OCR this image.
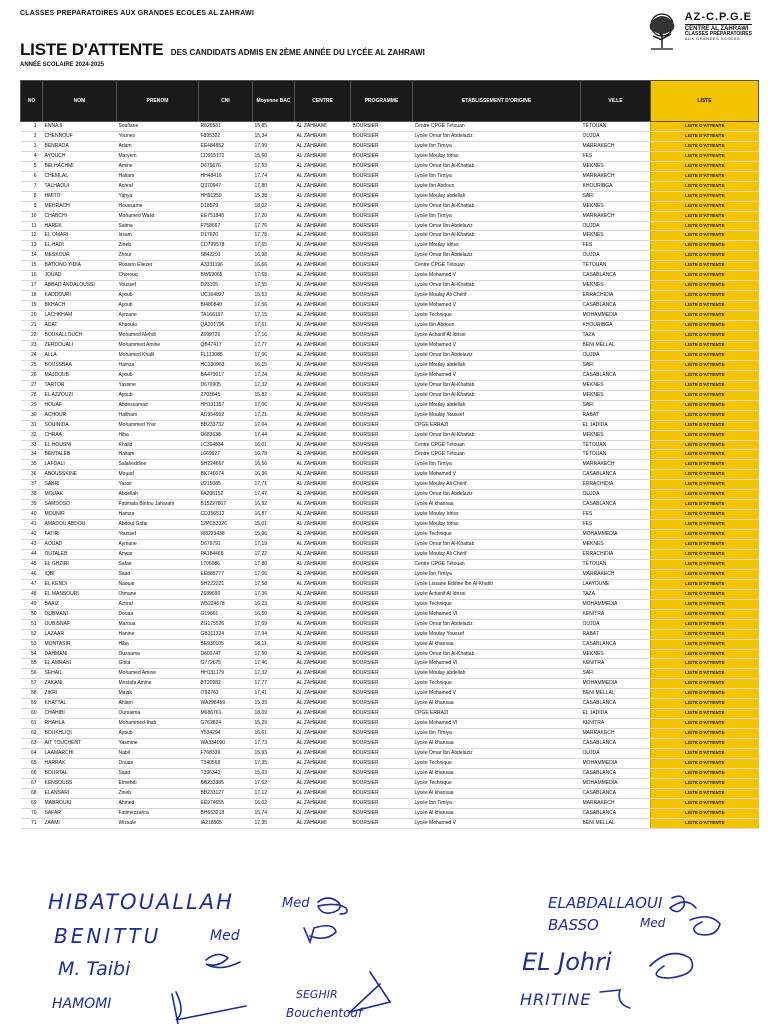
CLASSES PREPARATOIRES AUX GRANDES ECOLES AL ZAHRAWI
LISTE D'ATTENTE DES CANDIDATS ADMIS EN 2ÈME ANNÉE DU LYCÉE AL ZAHRAWI
ANNÉE SCOLAIRE 2024-2025
AZ-C.P.G.E
CENTRE AL ZAHRAWI
CLASSES PRÉPARATOIRES
AUX GRANDES ECOLES
NO	NOM	PRENOM	CNI	Moyenne BAC	CENTRE	PROGRAMME	ETABLISSEMENT D'ORIGINE	VILLE	LISTE
1	ENNAJI	Soufiane	R826581	15,85	AL ZAHRAWI	BOURSIER	Centre CPGE Tétouan	TÉTOUAN	LISTE D'ATTENTE
2	CHENNOUF	Younes	F895322	15,34	AL ZAHRAWI	BOURSIER	Lycée Omar Ibn Abdelaziz	OUJDA	LISTE D'ATTENTE
3	BENRADA	Adam	EE484852	17,99	AL ZAHRAWI	BOURSIER	Lycée Ibn Timiya	MARRAKECH	LISTE D'ATTENTE
4	AYOUCH	Maryem	CD915172	15,60	AL ZAHRAWI	BOURSIER	Lycée Moulay Idriss	FES	LISTE D'ATTENTE
5	BELHACHMI	Amine	D679676	17,53	AL ZAHRAWI	BOURSIER	Lycée Omar Ibn Al-Khattab	MEKNES	LISTE D'ATTENTE
6	CHEMLAL	Haitam	HH48416	17,74	AL ZAHRAWI	BOURSIER	Lycée Ibn Timiya	MARRAKECH	LISTE D'ATTENTE
7	TALHAOUI	Achraf	Q370947	17,80	AL ZAHRAWI	BOURSIER	Lycée Ibn Abdoun	KHOURIBGA	LISTE D'ATTENTE
8	HMITO	Yahya	HH91259	15,38	AL ZAHRAWI	BOURSIER	Lycée Moulay abdellah	SAFI	LISTE D'ATTENTE
9	MEHRACH	Houssame	D18579	18,02	AL ZAHRAWI	BOURSIER	Lycée Omar Ibn Al-Khattab	MEKNES	LISTE D'ATTENTE
10	CHABCHI	Mohamed Walid	EE751848	17,20	AL ZAHRAWI	BOURSIER	Lycée Ibn Timiya	MARRAKECH	LISTE D'ATTENTE
11	HAREK	Salma	F758667	17,76	AL ZAHRAWI	BOURSIER	Lycée Omar Ibn Abdelaziz	OUJDA	LISTE D'ATTENTE
12	EL OMARI	Issam	D17620	17,78	AL ZAHRAWI	BOURSIER	Lycée Omar Ibn Al-Khattab	MEKNES	LISTE D'ATTENTE
13	EL HADI	Zineb	CD799578	17,65	AL ZAHRAWI	BOURSIER	Lycée Moulay Idriss	FES	LISTE D'ATTENTE
14	MESKOUR	Zhour	S842291	16,98	AL ZAHRAWI	BOURSIER	Lycée Omar Ibn Abdelaziz	OUJDA	LISTE D'ATTENTE
15	BATIONO YIDIA	Rosario Eliezer	A3331196	16,66	AL ZAHRAWI	BOURSIER	Centre CPGE Tétouan	TÉTOUAN	LISTE D'ATTENTE
16	JOUAD	Chorouq	BW59065	17,68	AL ZAHRAWI	BOURSIER	Lycée Mohamed V	CASABLANCA	LISTE D'ATTENTE
17	ABBAD ANDALOUSSI	Youssef	D23105	17,55	AL ZAHRAWI	BOURSIER	Lycée Omar Ibn Al-Khattab	MEKNES	LISTE D'ATTENTE
18	KADDOURI	Ayoub	UC164827	15,53	AL ZAHRAWI	BOURSIER	Lycée Moulay Ali Chérif	ERRACHIDIA	LISTE D'ATTENTE
19	BKHACH	Ayoub	BI480840	17,56	AL ZAHRAWI	BOURSIER	Lycée Mohamed V	CASABLANCA	LISTE D'ATTENTE
20	LACHKHAM	Aymane	TA166197	17,15	AL ZAHRAWI	BOURSIER	Lycée Technique	MOHAMMEDIA	LISTE D'ATTENTE
21	ADAT	Khaoula	QA201796	17,61	AL ZAHRAWI	BOURSIER	Lycée Ibn Abdoun	KHOURIBGA	LISTE D'ATTENTE
22	BOUKALLOUCH	Mohamed Mehdi	Z699726	17,16	AL ZAHRAWI	BOURSIER	Lycée Achariif Al Idrissi	TAZA	LISTE D'ATTENTE
23	ZERDOUALI	Mohammed Amine	QB47417	17,77	AL ZAHRAWI	BOURSIER	Lycée Mohamed V	BENI MELLAL	LISTE D'ATTENTE
24	ALLA	Mohamed Khalil	FL113085	17,06	AL ZAHRAWI	BOURSIER	Lycée Omar Ibn Abdelaziz	OUJDA	LISTE D'ATTENTE
25	BOUSSBAA	Hamza	HC330963	16,15	AL ZAHRAWI	BOURSIER	Lycée Moulay abdellah	SAFI	LISTE D'ATTENTE
26	MAJDOUB	Ayoub	BA479017	17,24	AL ZAHRAWI	BOURSIER	Lycée Mohamed V	CASABLANCA	LISTE D'ATTENTE
27	TARTOR	Yassine	D679905	17,32	AL ZAHRAWI	BOURSIER	Lycée Omar Ibn Al-Khattab	MEKNES	LISTE D'ATTENTE
28	EL AZZOUZI	Ayoub	Z703645	15,82	AL ZAHRAWI	BOURSIER	Lycée Omar Ibn Al-Khattab	MEKNES	LISTE D'ATTENTE
29	HOUAF	Abdessamad	HH131157	17,06	AL ZAHRAWI	BOURSIER	Lycée Moulay abdellah	SAFI	LISTE D'ATTENTE
30	ACHOUR	Haitham	AD354992	17,21	AL ZAHRAWI	BOURSIER	Lycée Moulay Youssef	RABAT	LISTE D'ATTENTE
31	SOUINIDA	Mohammed Yosr	BB233732	17,04	AL ZAHRAWI	BOURSIER	CPGE ERRAZI	EL JADIDA	LISTE D'ATTENTE
32	CHRAA	Hiba	D683638	17,44	AL ZAHRAWI	BOURSIER	Lycée Omar Ibn Al-Khattab	MEKNES	LISTE D'ATTENTE
33	EL HOUSNI	Khalid	LC394834	16,01	AL ZAHRAWI	BOURSIER	Centre CPGE Tétouan	TÉTOUAN	LISTE D'ATTENTE
34	BENTALEB	Haitam	L669927	16,78	AL ZAHRAWI	BOURSIER	Centre CPGE Tétouan	TÉTOUAN	LISTE D'ATTENTE
35	LAFDALI	Salaheddine	SH224667	16,56	AL ZAHRAWI	BOURSIER	Lycée Ibn Timiya	MARRAKECH	LISTE D'ATTENTE
36	ABOUSSKINE	Mouad	BK746074	16,36	AL ZAHRAWI	BOURSIER	Lycée Mohamed V	CASABLANCA	LISTE D'ATTENTE
37	SABRI	Yassir	U215085	17,71	AL ZAHRAWI	BOURSIER	Lycée Moulay Ali Chérif	ERRACHIDIA	LISTE D'ATTENTE
38	MOUAK	Abdellah	FA208152	17,47	AL ZAHRAWI	BOURSIER	Lycée Omar Ibn Abdelaziz	OUJDA	LISTE D'ATTENTE
39	SAMDOSO	Fatimata Bintou Jaharahi	B15227807	16,92	AL ZAHRAWI	BOURSIER	Lycée Al khansaa	CASABLANCA	LISTE D'ATTENTE
40	MOUNIR	Hamza	CD356512	16,87	AL ZAHRAWI	BOURSIER	Lycée Moulay Idriss	FES	LISTE D'ATTENTE
41	AMADOU ABDOU	Abdoul Gafar	12PC53326	15,01	AL ZAHRAWI	BOURSIER	Lycée Moulay Idriss	FES	LISTE D'ATTENTE
42	FATIRI	Youssef	W8223438	15,96	AL ZAHRAWI	BOURSIER	Lycée Technique	MOHAMMEDIA	LISTE D'ATTENTE
43	AOUAD	Aymane	D679791	17,19	AL ZAHRAWI	BOURSIER	Lycée Omar Ibn Al-Khattab	MEKNES	LISTE D'ATTENTE
44	OUTALEB	Anwar	PA184468	17,22	AL ZAHRAWI	BOURSIER	Lycée Moulay Ali Chérif	ERRACHIDIA	LISTE D'ATTENTE
45	EL GHZIRI	Safae	L706086	17,80	AL ZAHRAWI	BOURSIER	Centre CPGE Tétouan	TÉTOUAN	LISTE D'ATTENTE
46	IQBI	Saad	EE885777	17,06	AL ZAHRAWI	BOURSIER	Lycée Ibn Timiya	MARRAKECH	LISTE D'ATTENTE
47	EL KENDI	Naouar	SH222221	17,58	AL ZAHRAWI	BOURSIER	Lycée Lissane Eddine Ibn Al-Khatib	LAAYOUNE	LISTE D'ATTENTE
48	EL MANSOURI	Otmane	Z689690	17,36	AL ZAHRAWI	BOURSIER	Lycée Achariif Al Idrissi	TAZA	LISTE D'ATTENTE
49	BAAIZ	Achraf	W5224678	16,23	AL ZAHRAWI	BOURSIER	Lycée Technique	MOHAMMEDIA	LISTE D'ATTENTE
50	OUBMANI	Douaa	G19661	16,50	AL ZAHRAWI	BOURSIER	Lycée Mohamed VI	KENITRA	LISTE D'ATTENTE
51	OUBISNAF	Maroua	ZG175526	17,69	AL ZAHRAWI	BOURSIER	Lycée Omar Ibn Abdelaziz	OUJDA	LISTE D'ATTENTE
52	LAZAAR	Hanine	GB311324	17,94	AL ZAHRAWI	BOURSIER	Lycée Moulay Youssef	RABAT	LISTE D'ATTENTE
53	MONTASIR	Hiba	BE930105	18,11	AL ZAHRAWI	BOURSIER	Lycée Al khansaa	CASABLANCA	LISTE D'ATTENTE
54	DAHMANI	Oussama	D600747	17,50	AL ZAHRAWI	BOURSIER	Lycée Omar Ibn Al-Khattab	MEKNES	LISTE D'ATTENTE
55	EL AMRANI	Ghita	G772675	17,46	AL ZAHRAWI	BOURSIER	Lycée Mohamed VI	KENITRA	LISTE D'ATTENTE
56	SEHAIL	Mohamed Amine	HH131179	17,32	AL ZAHRAWI	BOURSIER	Lycée Moulay abdellah	SAFI	LISTE D'ATTENTE
57	ZAKANI	Mostafa Amine	BT20982	17,77	AL ZAHRAWI	BOURSIER	Lycée Technique	MOHAMMEDIA	LISTE D'ATTENTE
58	ZIKRI	Malak	I792763	17,41	AL ZAHRAWI	BOURSIER	Lycée Mohamed V	BENI MELLAL	LISTE D'ATTENTE
59	KHATTAL	Ahlam	WA298459	15,39	AL ZAHRAWI	BOURSIER	Lycée Al khansaa	CASABLANCA	LISTE D'ATTENTE
60	CHAHIBI	Oumaima	M686761	18,09	AL ZAHRAWI	BOURSIER	CPGE ERRAZI	EL JADIDA	LISTE D'ATTENTE
61	RHAHLA	Mohammed-Ihab	G762824	15,29	AL ZAHRAWI	BOURSIER	Lycée Mohamed VI	KENITRA	LISTE D'ATTENTE
62	BOUKHLIQI	Ayoub	Y534294	16,61	AL ZAHRAWI	BOURSIER	Lycée Ibn Timiya	MARRAKECH	LISTE D'ATTENTE
63	AIT TOUCHENT	Yasmine	WA334090	17,73	AL ZAHRAWI	BOURSIER	Lycée Al khansaa	CASABLANCA	LISTE D'ATTENTE
64	LAAMARCHI	Nabil	F768339	15,93	AL ZAHRAWI	BOURSIER	Lycée Omar Ibn Abdelaziz	OUJDA	LISTE D'ATTENTE
65	HARRAK	Douae	T340568	17,35	AL ZAHRAWI	BOURSIER	Lycée Technique	MOHAMMEDIA	LISTE D'ATTENTE
66	BOURTAL	Saad	T396343	15,03	AL ZAHRAWI	BOURSIER	Lycée Al khansaa	CASABLANCA	LISTE D'ATTENTE
67	KENSOUSS	Elmehdi	BB233385	17,62	AL ZAHRAWI	BOURSIER	Lycée Technique	MOHAMMEDIA	LISTE D'ATTENTE
68	ELANSARI	Zineb	BB233127	17,12	AL ZAHRAWI	BOURSIER	Lycée Al khansaa	CASABLANCA	LISTE D'ATTENTE
69	MABROUKI	Ahmed	EE974655	16,02	AL ZAHRAWI	BOURSIER	Lycée Ibn Timiya	MARRAKECH	LISTE D'ATTENTE
70	SAFAR	Fatimezzahra	BH653218	15,74	AL ZAHRAWI	BOURSIER	Lycée Al khansaa	CASABLANCA	LISTE D'ATTENTE
71	ZAAMI	Wissale	IA218505	17,35	AL ZAHRAWI	BOURSIER	Lycée Mohamed V	BENI MELLAL	LISTE D'ATTENTE
HIBATOUALLAH	Med
BENITTU	Med
M. Taibi
HAMOMI
SEGHIR
Bouchentouf
ELABDALLAOUI
BASSO	Med
EL Johri
HRITINE
